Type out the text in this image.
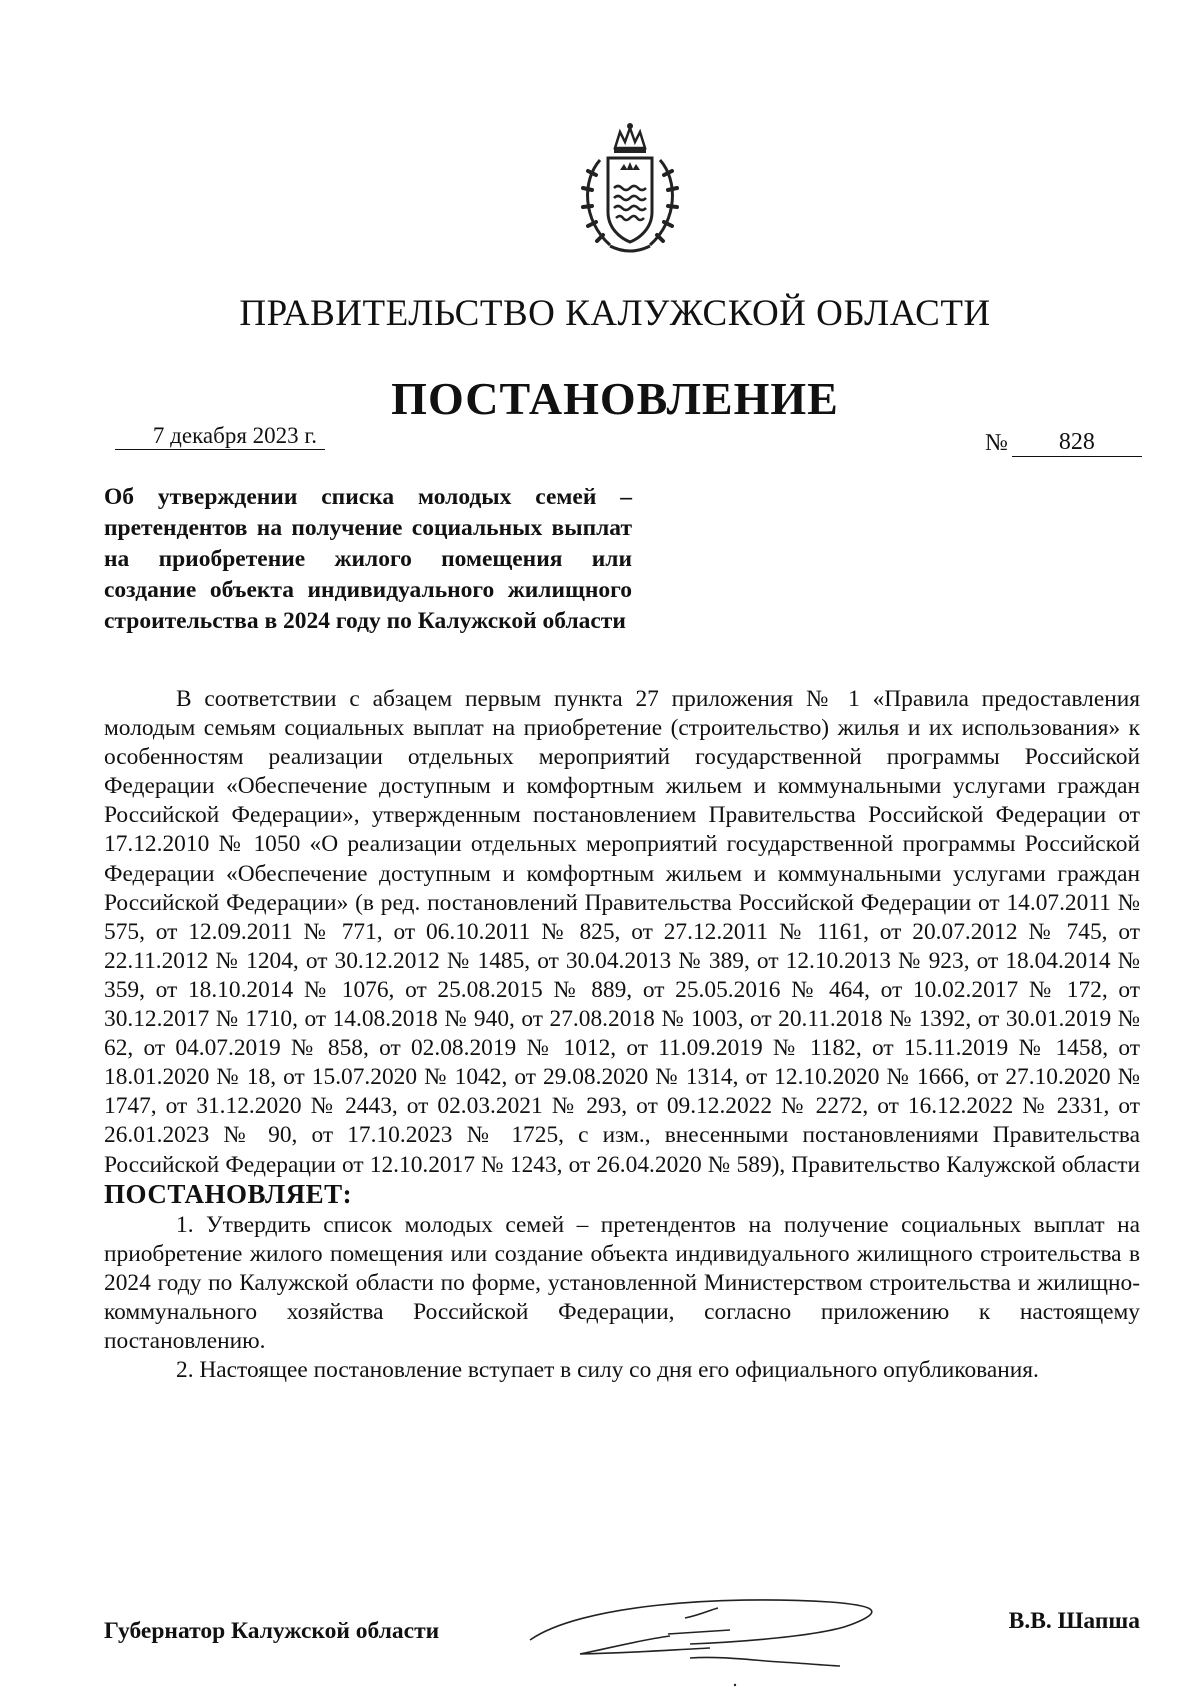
ПРАВИТЕЛЬСТВО КАЛУЖСКОЙ ОБЛАСТИ
ПОСТАНОВЛЕНИЕ
7 декабря 2023 г.	№	828
Об утверждении списка молодых семей – претендентов на получение социальных выплат на приобретение жилого помещения или создание объекта индивидуального жилищного строительства в 2024 году по Калужской области

В соответствии с абзацем первым пункта 27 приложения № 1 «Правила предоставления молодым семьям социальных выплат на приобретение (строительство) жилья и их использования» к особенностям реализации отдельных мероприятий государственной программы Российской Федерации «Обеспечение доступным и комфортным жильем и коммунальными услугами граждан Российской Федерации», утвержденным постановлением Правительства Российской Федерации от 17.12.2010 № 1050 «О реализации отдельных мероприятий государственной программы Российской Федерации «Обеспечение доступным и комфортным жильем и коммунальными услугами граждан Российской Федерации» (в ред. постановлений Правительства Российской Федерации от 14.07.2011 № 575, от 12.09.2011 № 771, от 06.10.2011 № 825, от 27.12.2011 № 1161, от 20.07.2012 № 745, от 22.11.2012 № 1204, от 30.12.2012 № 1485, от 30.04.2013 № 389, от 12.10.2013 № 923, от 18.04.2014 № 359, от 18.10.2014 № 1076, от 25.08.2015 № 889, от 25.05.2016 № 464, от 10.02.2017 № 172, от 30.12.2017 № 1710, от 14.08.2018 № 940, от 27.08.2018 № 1003, от 20.11.2018 № 1392, от 30.01.2019 № 62, от 04.07.2019 № 858, от 02.08.2019 № 1012, от 11.09.2019 № 1182, от 15.11.2019 № 1458, от 18.01.2020 № 18, от 15.07.2020 № 1042, от 29.08.2020 № 1314, от 12.10.2020 № 1666, от 27.10.2020 № 1747, от 31.12.2020 № 2443, от 02.03.2021 № 293, от 09.12.2022 № 2272, от 16.12.2022 № 2331, от 26.01.2023 № 90, от 17.10.2023 № 1725, с изм., внесенными постановлениями Правительства Российской Федерации от 12.10.2017 № 1243, от 26.04.2020 № 589), Правительство Калужской области ПОСТАНОВЛЯЕТ:

1. Утвердить список молодых семей – претендентов на получение социальных выплат на приобретение жилого помещения или создание объекта индивидуального жилищного строительства в 2024 году по Калужской области по форме, установленной Министерством строительства и жилищно-коммунального хозяйства Российской Федерации, согласно приложению к настоящему постановлению.

2. Настоящее постановление вступает в силу со дня его официального опубликования.

Губернатор Калужской области	В.В. Шапша
